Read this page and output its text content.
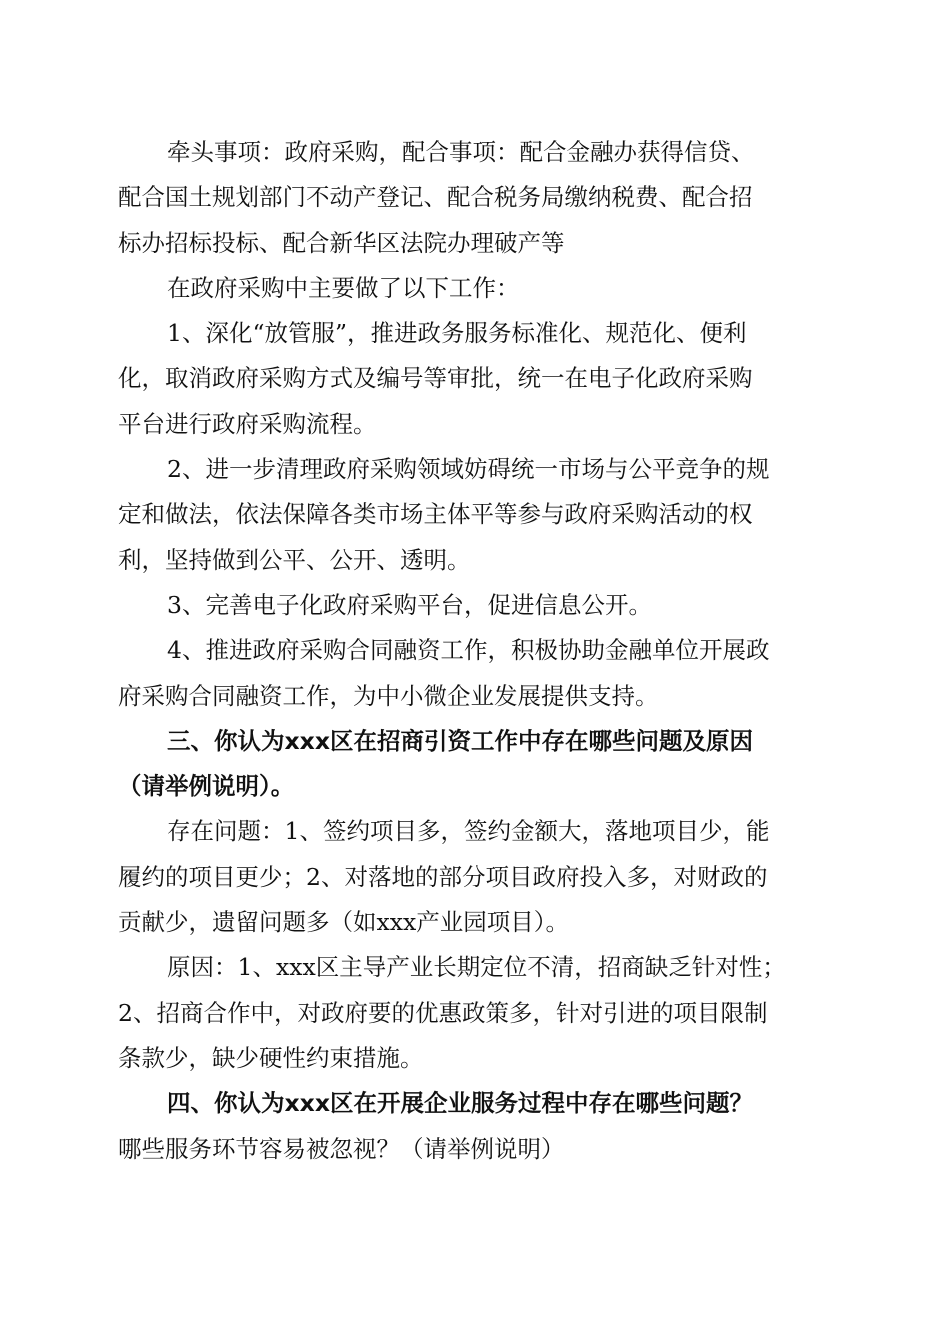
牵头事项：政府采购，配合事项：配合金融办获得信贷、
配合国土规划部门不动产登记、配合税务局缴纳税费、配合招
标办招标投标、配合新华区法院办理破产等
在政府采购中主要做了以下工作：
1、深化“放管服”，推进政务服务标准化、规范化、便利
化，取消政府采购方式及编号等审批，统一在电子化政府采购
平台进行政府采购流程。
2、进一步清理政府采购领域妨碍统一市场与公平竞争的规
定和做法，依法保障各类市场主体平等参与政府采购活动的权
利，坚持做到公平、公开、透明。
3、完善电子化政府采购平台，促进信息公开。
4、推进政府采购合同融资工作，积极协助金融单位开展政
府采购合同融资工作，为中小微企业发展提供支持。
三、你认为xxx区在招商引资工作中存在哪些问题及原因
（请举例说明）。
存在问题：1、签约项目多，签约金额大，落地项目少，能
履约的项目更少；2、对落地的部分项目政府投入多，对财政的
贡献少，遗留问题多（如xxx产业园项目）。
原因：1、xxx区主导产业长期定位不清，招商缺乏针对性；
2、招商合作中，对政府要的优惠政策多，针对引进的项目限制
条款少，缺少硬性约束措施。
四、你认为xxx区在开展企业服务过程中存在哪些问题？
哪些服务环节容易被忽视？（请举例说明）
